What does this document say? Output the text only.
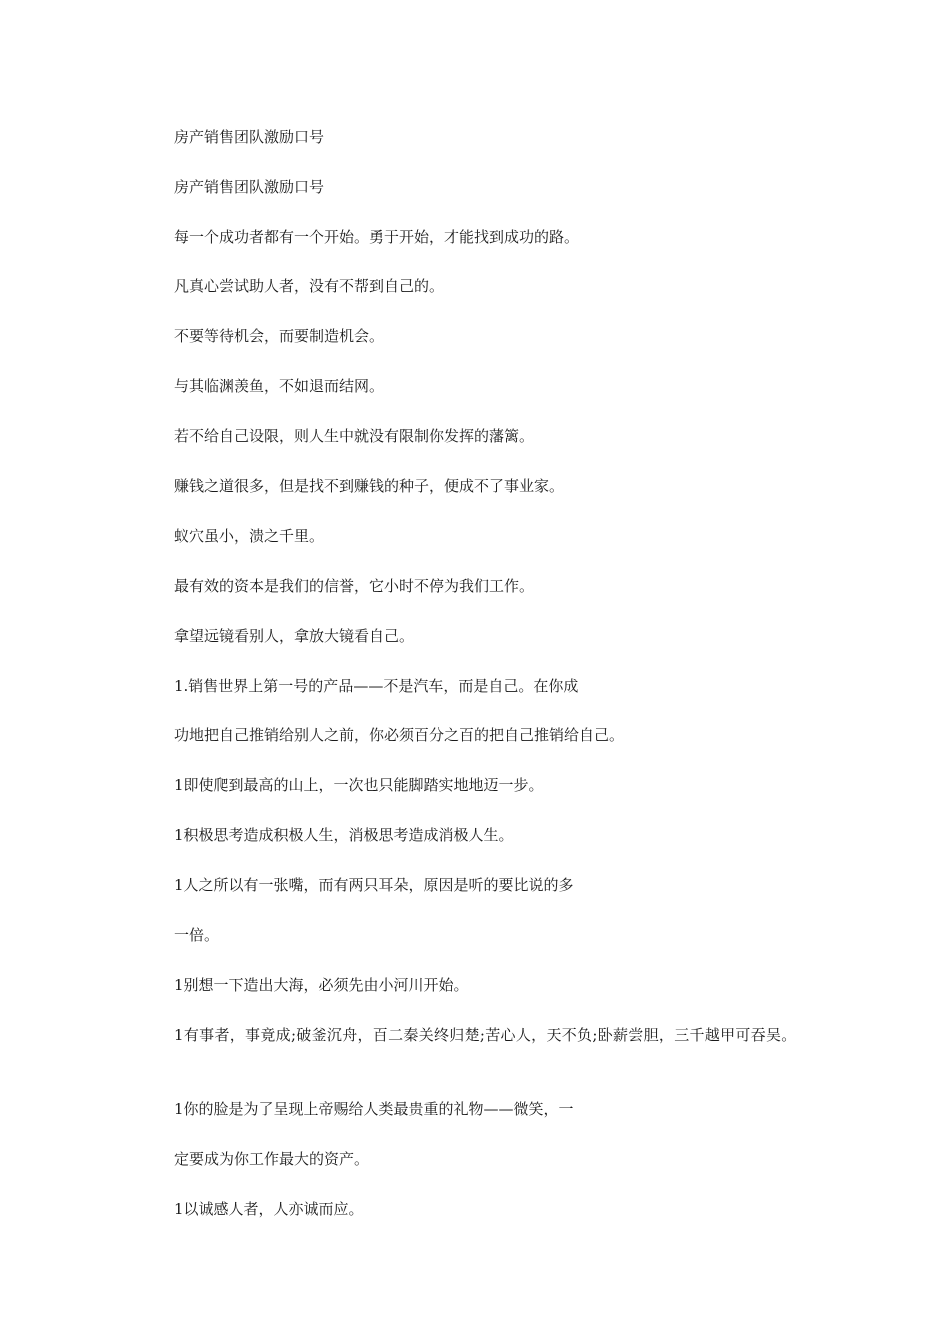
房产销售团队激励口号
房产销售团队激励口号
每一个成功者都有一个开始。勇于开始，才能找到成功的路。
凡真心尝试助人者，没有不帮到自己的。
不要等待机会，而要制造机会。
与其临渊羡鱼，不如退而结网。
若不给自己设限，则人生中就没有限制你发挥的藩篱。
赚钱之道很多，但是找不到赚钱的种子，便成不了事业家。
蚁穴虽小，溃之千里。
最有效的资本是我们的信誉，它小时不停为我们工作。
拿望远镜看别人，拿放大镜看自己。
1.销售世界上第一号的产品——不是汽车，而是自己。在你成
功地把自己推销给别人之前，你必须百分之百的把自己推销给自己。
1即使爬到最高的山上，一次也只能脚踏实地地迈一步。
1积极思考造成积极人生，消极思考造成消极人生。
1人之所以有一张嘴，而有两只耳朵，原因是听的要比说的多
一倍。
1别想一下造出大海，必须先由小河川开始。
1有事者，事竟成;破釜沉舟，百二秦关终归楚;苦心人，天不负;卧薪尝胆，三千越甲可吞吴。
1你的脸是为了呈现上帝赐给人类最贵重的礼物——微笑，一
定要成为你工作最大的资产。
1以诚感人者，人亦诚而应。
